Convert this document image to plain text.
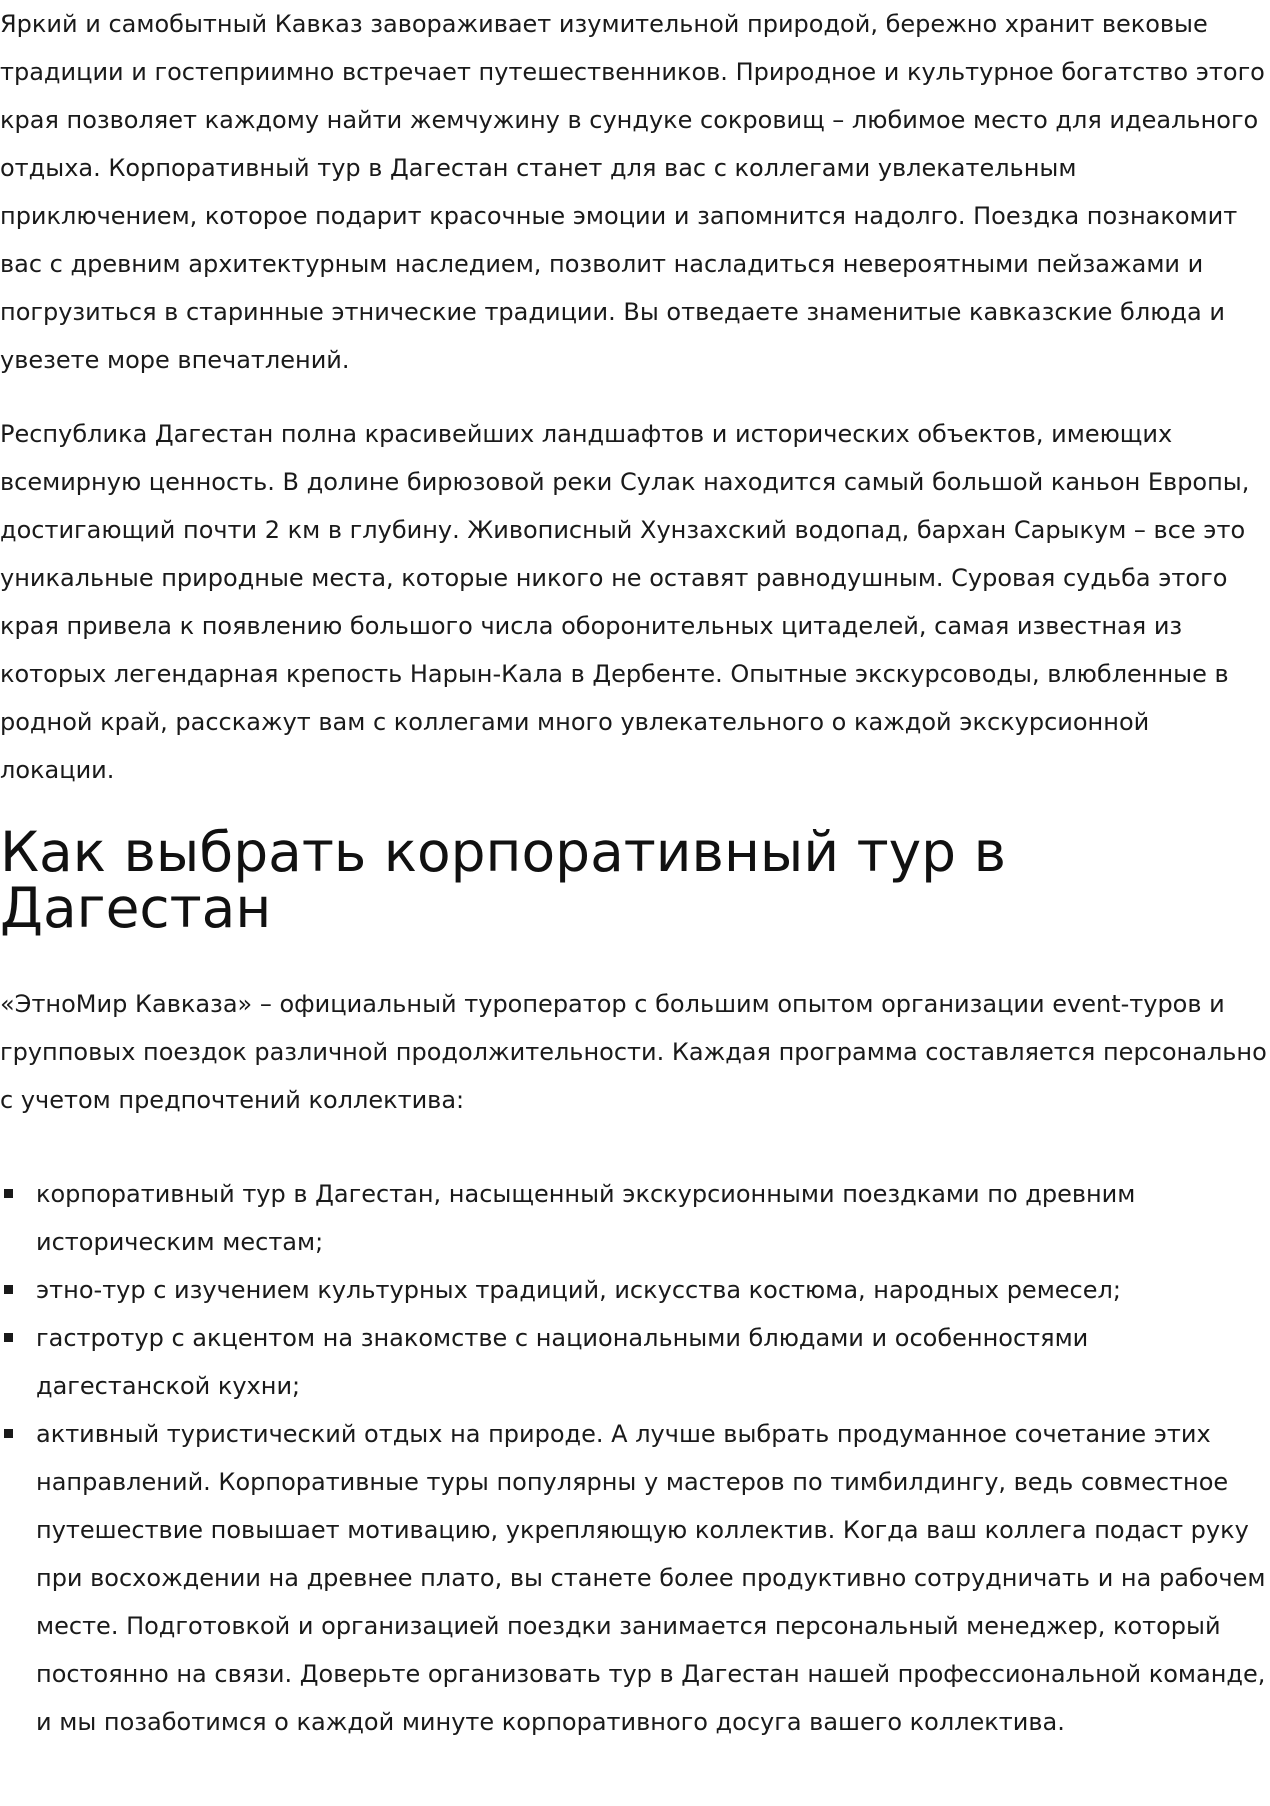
Яркий и самобытный Кавказ завораживает изумительной природой, бережно хранит вековые традиции и гостеприимно встречает путешественников. Природное и культурное богатство этого края позволяет каждому найти жемчужину в сундуке сокровищ – любимое место для идеального отдыха. Корпоративный тур в Дагестан станет для вас с коллегами увлекательным приключением, которое подарит красочные эмоции и запомнится надолго. Поездка познакомит вас с древним архитектурным наследием, позволит насладиться невероятными пейзажами и погрузиться в старинные этнические традиции. Вы отведаете знаменитые кавказские блюда и увезете море впечатлений.

Республика Дагестан полна красивейших ландшафтов и исторических объектов, имеющих всемирную ценность. В долине бирюзовой реки Сулак находится самый большой каньон Европы, достигающий почти 2 км в глубину. Живописный Хунзахский водопад, бархан Сарыкум – все это уникальные природные места, которые никого не оставят равнодушным. Суровая судьба этого края привела к появлению большого числа оборонительных цитаделей, самая известная из которых легендарная крепость Нарын-Кала в Дербенте. Опытные экскурсоводы, влюбленные в родной край, расскажут вам с коллегами много увлекательного о каждой экскурсионной локации.

Как выбрать корпоративный тур в Дагестан

«ЭтноМир Кавказа» – официальный туроператор с большим опытом организации event-туров и групповых поездок различной продолжительности. Каждая программа составляется персонально с учетом предпочтений коллектива:

корпоративный тур в Дагестан, насыщенный экскурсионными поездками по древним историческим местам;
этно-тур с изучением культурных традиций, искусства костюма, народных ремесел;
гастротур с акцентом на знакомстве с национальными блюдами и особенностями дагестанской кухни;
активный туристический отдых на природе. А лучше выбрать продуманное сочетание этих направлений. Корпоративные туры популярны у мастеров по тимбилдингу, ведь совместное путешествие повышает мотивацию, укрепляющую коллектив. Когда ваш коллега подаст руку при восхождении на древнее плато, вы станете более продуктивно сотрудничать и на рабочем месте. Подготовкой и организацией поездки занимается персональный менеджер, который постоянно на связи. Доверьте организовать тур в Дагестан нашей профессиональной команде, и мы позаботимся о каждой минуте корпоративного досуга вашего коллектива.
